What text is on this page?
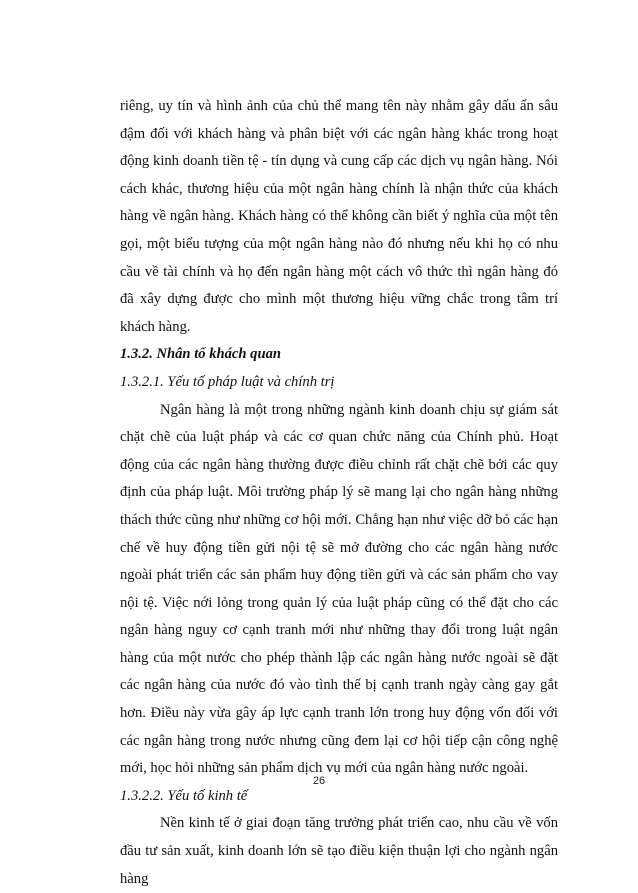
riêng, uy tín và hình ảnh của chủ thể mang tên này nhằm gây dấu ấn sâu đậm đối với khách hàng và phân biệt với các ngân hàng khác trong hoạt động kinh doanh tiền tệ - tín dụng và cung cấp các dịch vụ ngân hàng. Nói cách khác, thương hiệu của một ngân hàng chính là nhận thức của khách hàng về ngân hàng. Khách hàng có thể không cần biết ý nghĩa của một tên gọi, một biểu tượng của một ngân hàng nào đó nhưng nếu khi họ có nhu cầu về tài chính và họ đến ngân hàng một cách vô thức thì ngân hàng đó đã xây dựng được cho mình một thương hiệu vững chắc trong tâm trí khách hàng.

1.3.2. Nhân tố khách quan

1.3.2.1. Yếu tố pháp luật và chính trị

Ngân hàng là một trong những ngành kinh doanh chịu sự giám sát chặt chẽ của luật pháp và các cơ quan chức năng của Chính phủ. Hoạt động của các ngân hàng thường được điều chỉnh rất chặt chẽ bởi các quy định của pháp luật. Môi trường pháp lý sẽ mang lại cho ngân hàng những thách thức cũng như những cơ hội mới. Chẳng hạn như việc dỡ bỏ các hạn chế về huy động tiền gửi nội tệ sẽ mở đường cho các ngân hàng nước ngoài phát triển các sản phẩm huy động tiền gửi và các sản phẩm cho vay nội tệ. Việc nới lỏng trong quản lý của luật pháp cũng có thể đặt cho các ngân hàng nguy cơ cạnh tranh mới như những thay đổi trong luật ngân hàng của một nước cho phép thành lập các ngân hàng nước ngoài sẽ đặt các ngân hàng của nước đó vào tình thế bị cạnh tranh ngày càng gay gắt hơn. Điều này vừa gây áp lực cạnh tranh lớn trong huy động vốn đối với các ngân hàng trong nước nhưng cũng đem lại cơ hội tiếp cận công nghệ mới, học hỏi những sản phẩm dịch vụ mới của ngân hàng nước ngoài.

1.3.2.2. Yếu tố kinh tế

Nền kinh tế ở giai đoạn tăng trưởng phát triển cao, nhu cầu về vốn đầu tư sản xuất, kinh doanh lớn sẽ tạo điều kiện thuận lợi cho ngành ngân hàng

26
